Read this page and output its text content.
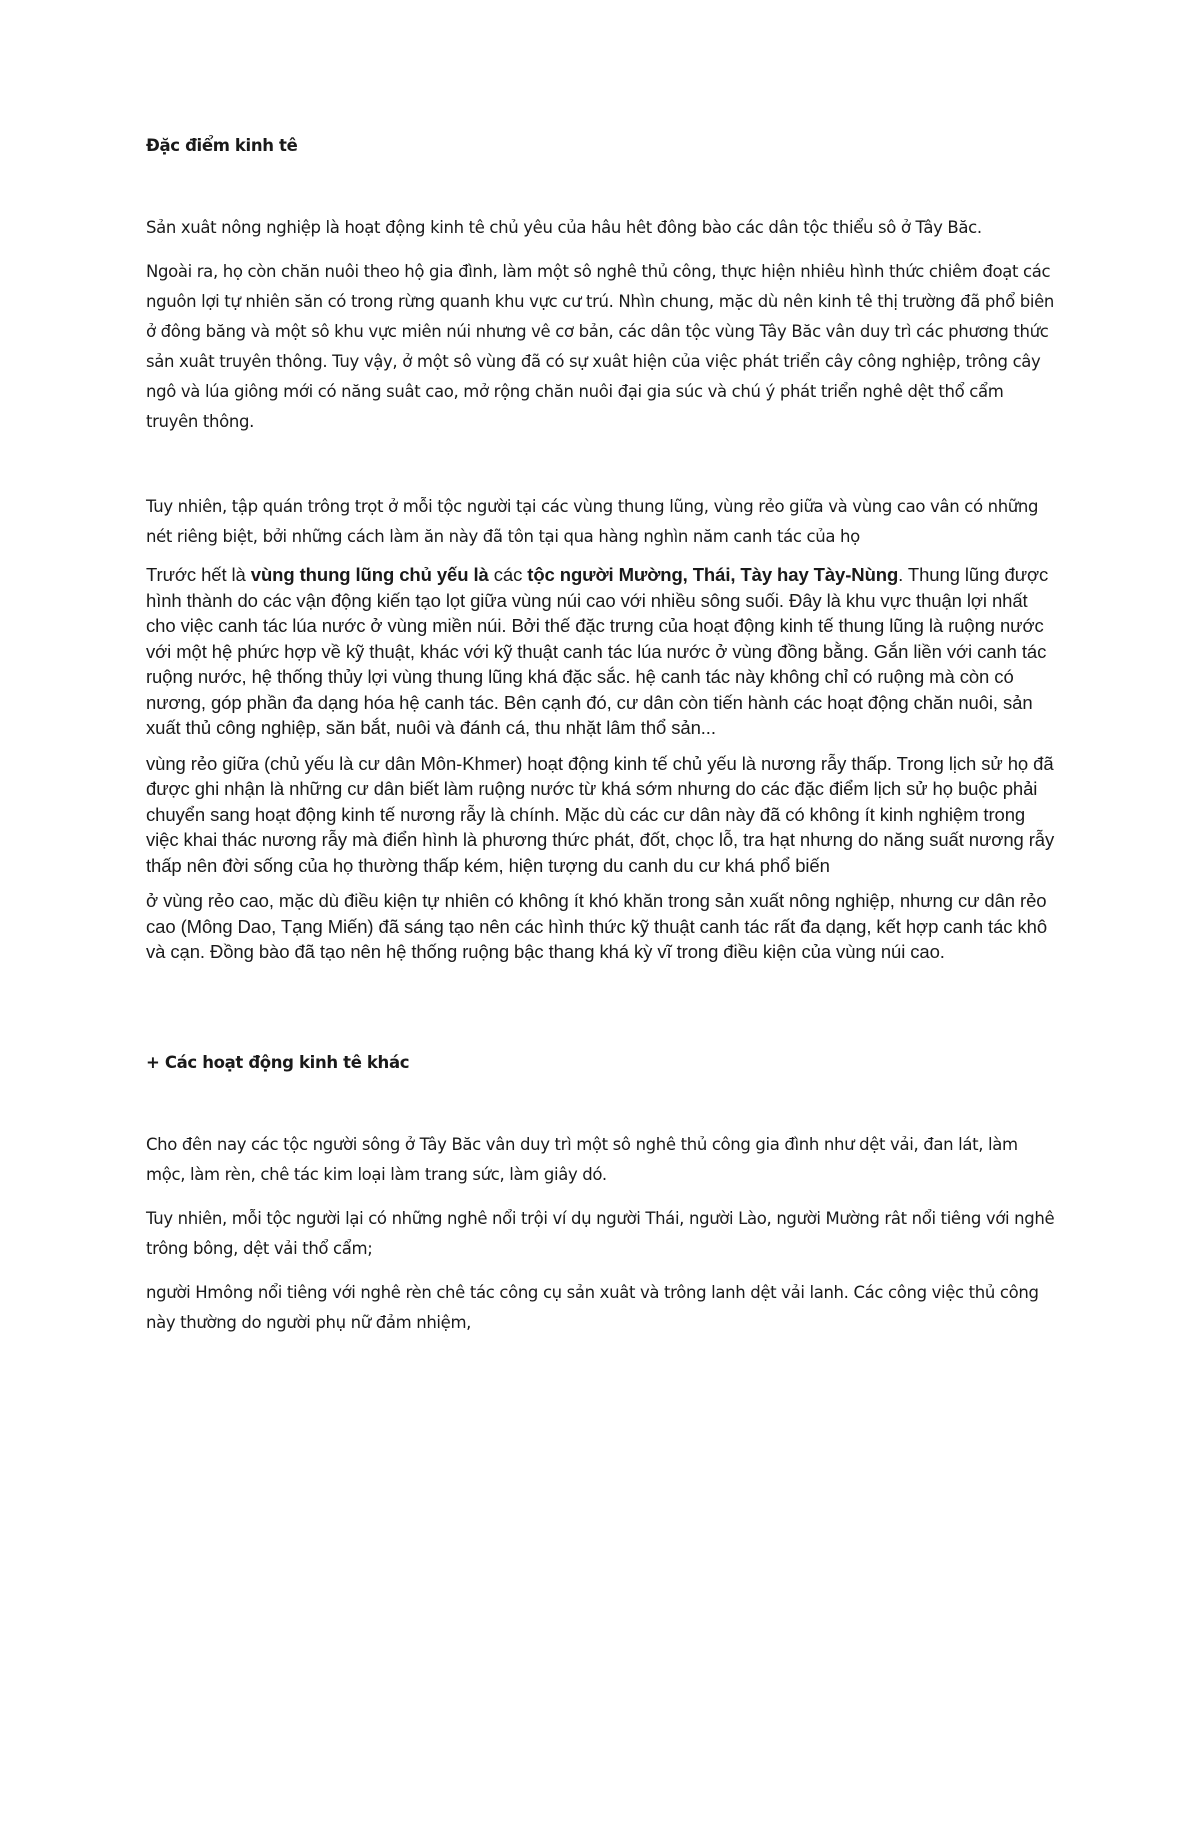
Đặc điểm kinh tê

Sản xuât nông nghiệp là hoạt động kinh tê chủ yêu của hâu hêt đông bào các dân tộc thiểu sô ở Tây Băc.

Ngoài ra, họ còn chăn nuôi theo hộ gia đình, làm một sô nghê thủ công, thực hiện nhiêu hình thức chiêm đoạt các nguôn lợi tự nhiên săn có trong rừng quanh khu vực cư trú. Nhìn chung, mặc dù nên kinh tê thị trường đã phổ biên ở đông băng và một sô khu vực miên núi nhưng vê cơ bản, các dân tộc vùng Tây Băc vân duy trì các phương thức sản xuât truyên thông. Tuy vậy, ở một sô vùng đã có sự xuât hiện của việc phát triển cây công nghiệp, trông cây ngô và lúa giông mới có năng suât cao, mở rộng chăn nuôi đại gia súc và chú ý phát triển nghê dệt thổ cẩm truyên thông.

Tuy nhiên, tập quán trông trọt ở mỗi tộc người tại các vùng thung lũng, vùng rẻo giữa và vùng cao vân có những nét riêng biệt, bởi những cách làm ăn này đã tôn tại qua hàng nghìn năm canh tác của họ

Trước hết là vùng thung lũng chủ yếu là các tộc người Mường, Thái, Tày hay Tày-Nùng. Thung lũng được hình thành do các vận động kiến tạo lọt giữa vùng núi cao với nhiều sông suối. Đây là khu vực thuận lợi nhất cho việc canh tác lúa nước ở vùng miền núi. Bởi thế đặc trưng của hoạt động kinh tế thung lũng là ruộng nước với một hệ phức hợp về kỹ thuật, khác với kỹ thuật canh tác lúa nước ở vùng đồng bằng. Gắn liền với canh tác ruộng nước, hệ thống thủy lợi vùng thung lũng khá đặc sắc. hệ canh tác này không chỉ có ruộng mà còn có nương, góp phần đa dạng hóa hệ canh tác. Bên cạnh đó, cư dân còn tiến hành các hoạt động chăn nuôi, sản xuất thủ công nghiệp, săn bắt, nuôi và đánh cá, thu nhặt lâm thổ sản...

vùng rẻo giữa (chủ yếu là cư dân Môn-Khmer) hoạt động kinh tế chủ yếu là nương rẫy thấp. Trong lịch sử họ đã được ghi nhận là những cư dân biết làm ruộng nước từ khá sớm nhưng do các đặc điểm lịch sử họ buộc phải chuyển sang hoạt động kinh tế nương rẫy là chính. Mặc dù các cư dân này đã có không ít kinh nghiệm trong việc khai thác nương rẫy mà điển hình là phương thức phát, đốt, chọc lỗ, tra hạt nhưng do năng suất nương rẫy thấp nên đời sống của họ thường thấp kém, hiện tượng du canh du cư khá phổ biến

ở vùng rẻo cao, mặc dù điều kiện tự nhiên có không ít khó khăn trong sản xuất nông nghiệp, nhưng cư dân rẻo cao (Mông Dao, Tạng Miến) đã sáng tạo nên các hình thức kỹ thuật canh tác rất đa dạng, kết hợp canh tác khô và cạn. Đồng bào đã tạo nên hệ thống ruộng bậc thang khá kỳ vĩ trong điều kiện của vùng núi cao.

+ Các hoạt động kinh tê khác

Cho đên nay các tộc người sông ở Tây Băc vân duy trì một sô nghê thủ công gia đình như dệt vải, đan lát, làm mộc, làm rèn, chê tác kim loại làm trang sức, làm giây dó.

Tuy nhiên, mỗi tộc người lại có những nghê nổi trội ví dụ người Thái, người Lào, người Mường rât nổi tiêng với nghê trông bông, dệt vải thổ cẩm;

người Hmông nổi tiêng với nghê rèn chê tác công cụ sản xuât và trông lanh dệt vải lanh. Các công việc thủ công này thường do người phụ nữ đảm nhiệm,
